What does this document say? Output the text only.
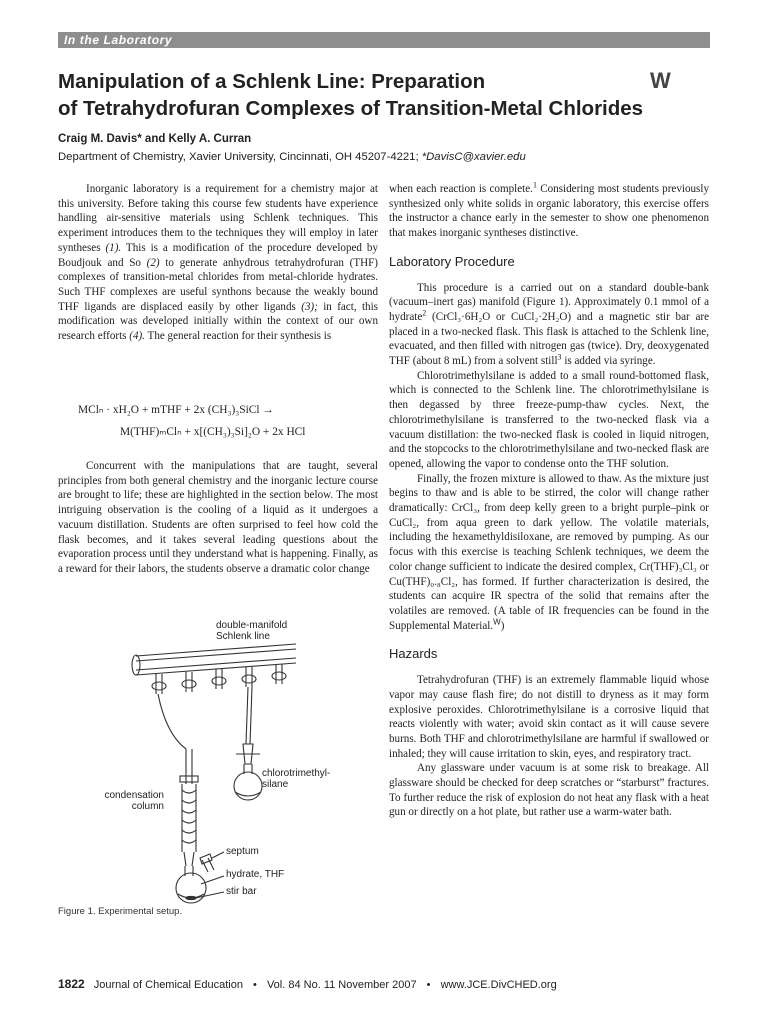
In the Laboratory
Manipulation of a Schlenk Line: Preparation
of Tetrahydrofuran Complexes of Transition-Metal Chlorides
W
Craig M. Davis* and Kelly A. Curran
Department of Chemistry, Xavier University, Cincinnati, OH 45207-4221; *DavisC@xavier.edu

Inorganic laboratory is a requirement for a chemistry major at this university. Before taking this course few students have experience handling air-sensitive materials using Schlenk techniques. This experiment introduces them to the techniques they will employ in later syntheses (1). This is a modification of the procedure developed by Boudjouk and So (2) to generate anhydrous tetrahydrofuran (THF) complexes of transition-metal chlorides from metal-chloride hydrates. Such THF complexes are useful synthons because the weakly bound THF ligands are displaced easily by other ligands (3); in fact, this modification was developed initially within the context of our own research efforts (4). The general reaction for their synthesis is

MClₙ · xH₂O + mTHF + 2x (CH₃)₃SiCl →
M(THF)ₘClₙ + x[(CH₃)₃Si]₂O + 2x HCl

Concurrent with the manipulations that are taught, several principles from both general chemistry and the inorganic lecture course are brought to life; these are highlighted in the section below. The most intriguing observation is the cooling of a liquid as it undergoes a vacuum distillation. Students are often surprised to feel how cold the flask becomes, and it takes several leading questions about the evaporation process until they understand what is happening. Finally, as a reward for their labors, the students observe a dramatic color change

double-manifold
Schlenk line
chlorotrimethyl-
silane
condensation
column
septum
hydrate, THF
stir bar
Figure 1. Experimental setup.

when each reaction is complete.$^1$ Considering most students previously synthesized only white solids in organic laboratory, this exercise offers the instructor a chance early in the semester to show one phenomenon that makes inorganic syntheses distinctive.

Laboratory Procedure

This procedure is a carried out on a standard double-bank (vacuum–inert gas) manifold (Figure 1). Approximately 0.1 mmol of a hydrate$^2$ (CrCl₃·6H₂O or CuCl₂·2H₂O) and a magnetic stir bar are placed in a two-necked flask. This flask is attached to the Schlenk line, evacuated, and then filled with nitrogen gas (twice). Dry, deoxygenated THF (about 8 mL) from a solvent still$^3$ is added via syringe.

Chlorotrimethylsilane is added to a small round-bottomed flask, which is connected to the Schlenk line. The chlorotrimethylsilane is then degassed by three freeze-pump-thaw cycles. Next, the chlorotrimethylsilane is transferred to the two-necked flask via a vacuum distillation: the two-necked flask is cooled in liquid nitrogen, and the stopcocks to the chlorotrimethylsilane and two-necked flask are opened, allowing the vapor to condense onto the THF solution.

Finally, the frozen mixture is allowed to thaw. As the mixture just begins to thaw and is able to be stirred, the color will change rather dramatically: CrCl₃, from deep kelly green to a bright purple–pink or CuCl₂, from aqua green to dark yellow. The volatile materials, including the hexamethyldisiloxane, are removed by pumping. As our focus with this exercise is teaching Schlenk techniques, we deem the color change sufficient to indicate the desired complex, Cr(THF)₃Cl₃ or Cu(THF)₀.₈Cl₂, has formed. If further characterization is desired, the students can acquire IR spectra of the solid that remains after the volatiles are removed. (A table of IR frequencies can be found in the Supplemental Material.$^W$)

Hazards

Tetrahydrofuran (THF) is an extremely flammable liquid whose vapor may cause flash fire; do not distill to dryness as it may form explosive peroxides. Chlorotrimethylsilane is a corrosive liquid that reacts violently with water; avoid skin contact as it will cause severe burns. Both THF and chlorotrimethylsilane are harmful if swallowed or inhaled; they will cause irritation to skin, eyes, and respiratory tract.

Any glassware under vacuum is at some risk to breakage. All glassware should be checked for deep scratches or “starburst” fractures. To further reduce the risk of explosion do not heat any flask with a heat gun or directly on a hot plate, but rather use a warm-water bath.

1822 Journal of Chemical Education • Vol. 84 No. 11 November 2007 • www.JCE.DivCHED.org
